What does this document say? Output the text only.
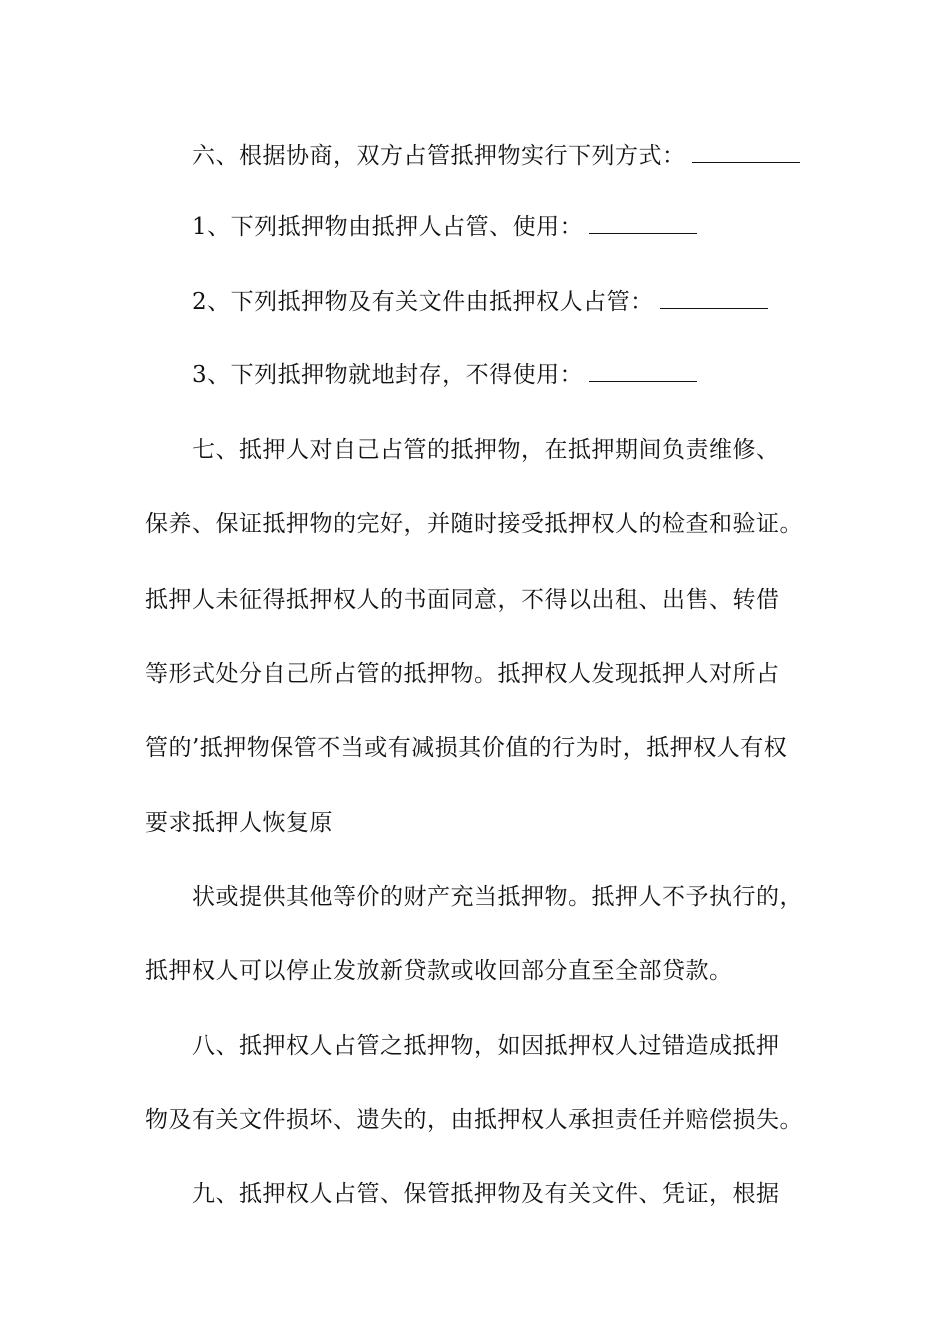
六、根据协商，双方占管抵押物实行下列方式：
1、下列抵押物由抵押人占管、使用：
2、下列抵押物及有关文件由抵押权人占管：
3、下列抵押物就地封存，不得使用：
七、抵押人对自己占管的抵押物，在抵押期间负责维修、
保养、保证抵押物的完好，并随时接受抵押权人的检查和验证。
抵押人未征得抵押权人的书面同意，不得以出租、出售、转借
等形式处分自己所占管的抵押物。抵押权人发现抵押人对所占
管的’抵押物保管不当或有减损其价值的行为时，抵押权人有权
要求抵押人恢复原
状或提供其他等价的财产充当抵押物。抵押人不予执行的，
抵押权人可以停止发放新贷款或收回部分直至全部贷款。
八、抵押权人占管之抵押物，如因抵押权人过错造成抵押
物及有关文件损坏、遗失的，由抵押权人承担责任并赔偿损失。
九、抵押权人占管、保管抵押物及有关文件、凭证，根据
